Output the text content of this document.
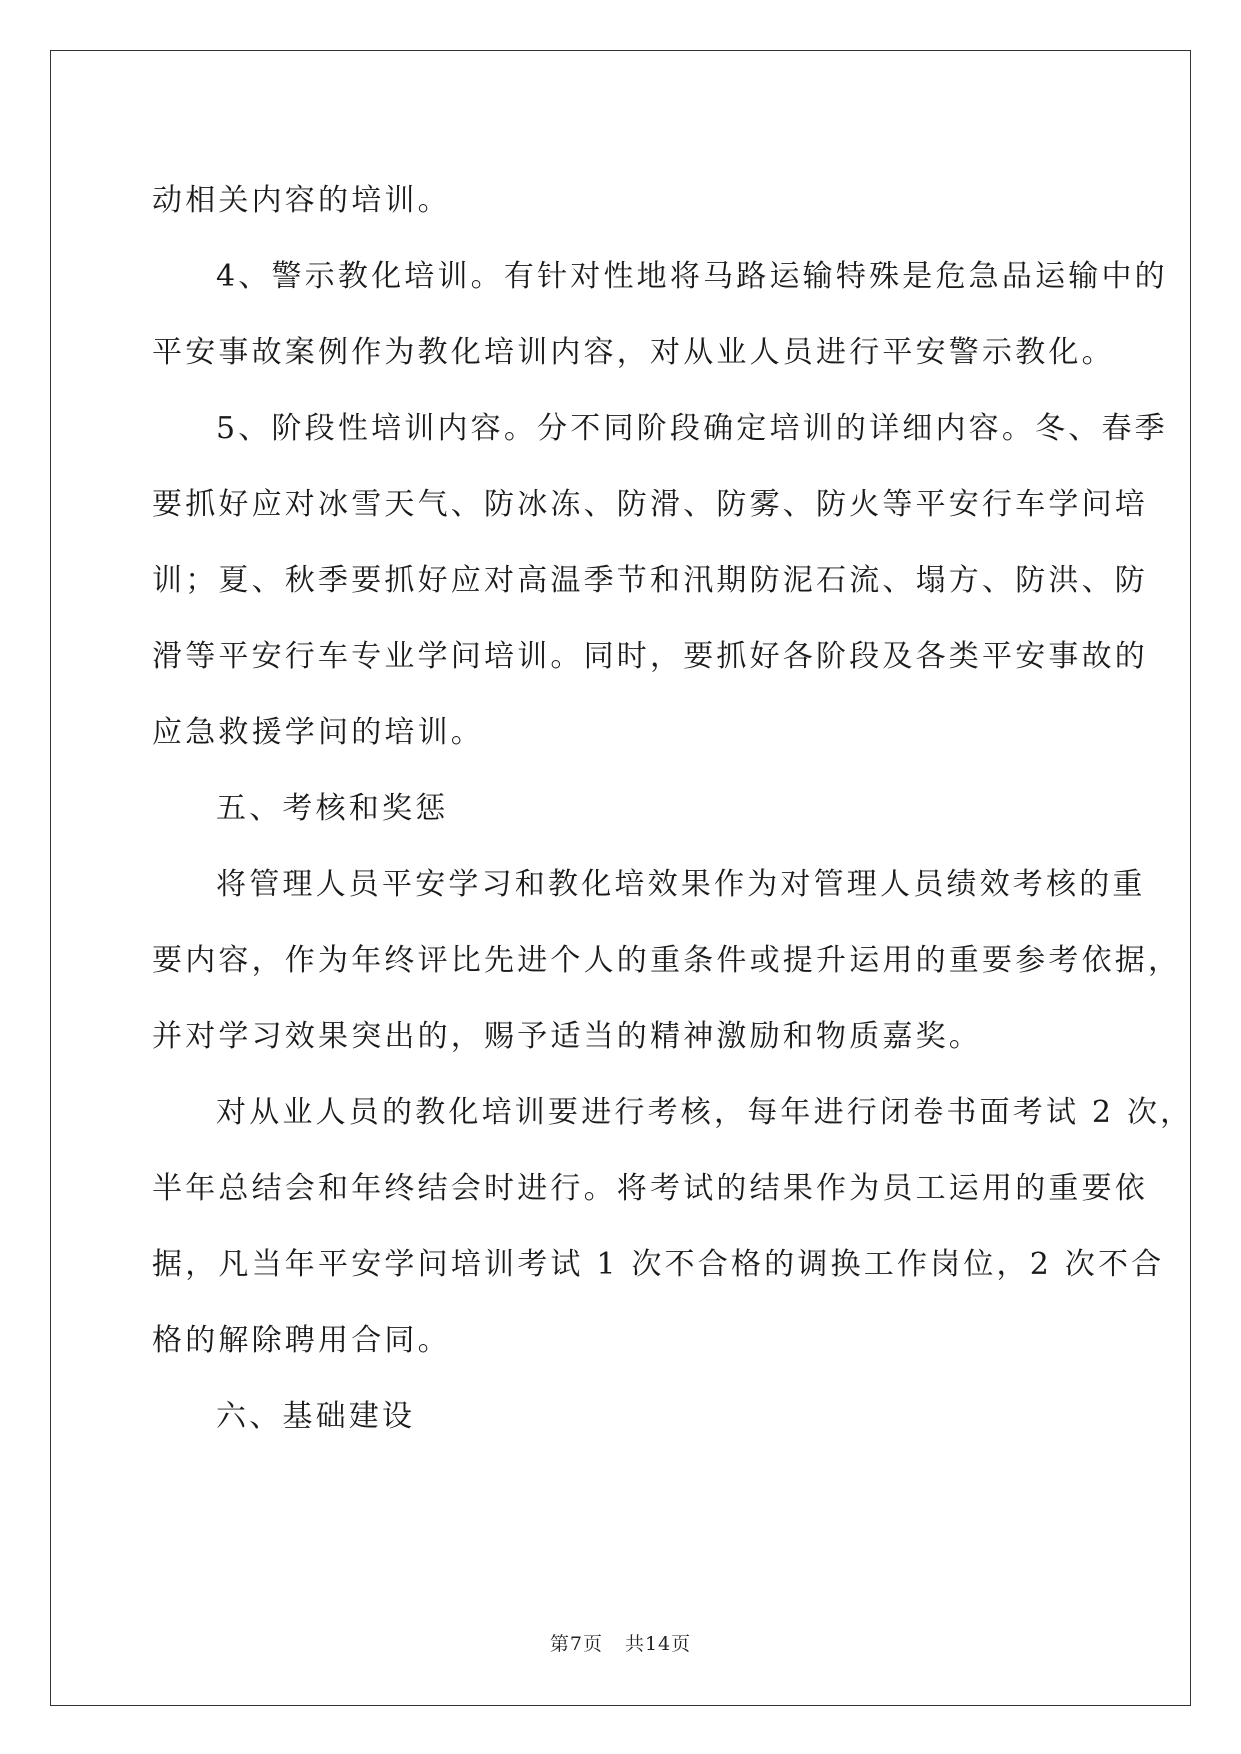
动相关内容的培训。
4、警示教化培训。有针对性地将马路运输特殊是危急品运输中的
平安事故案例作为教化培训内容，对从业人员进行平安警示教化。
5、阶段性培训内容。分不同阶段确定培训的详细内容。冬、春季
要抓好应对冰雪天气、防冰冻、防滑、防雾、防火等平安行车学问培
训；夏、秋季要抓好应对高温季节和汛期防泥石流、塌方、防洪、防
滑等平安行车专业学问培训。同时，要抓好各阶段及各类平安事故的
应急救援学问的培训。
五、考核和奖惩
将管理人员平安学习和教化培效果作为对管理人员绩效考核的重
要内容，作为年终评比先进个人的重条件或提升运用的重要参考依据，
并对学习效果突出的，赐予适当的精神激励和物质嘉奖。
对从业人员的教化培训要进行考核，每年进行闭卷书面考试 2 次，
半年总结会和年终结会时进行。将考试的结果作为员工运用的重要依
据，凡当年平安学问培训考试 1 次不合格的调换工作岗位，2 次不合
格的解除聘用合同。
六、基础建设
第7页 共14页
